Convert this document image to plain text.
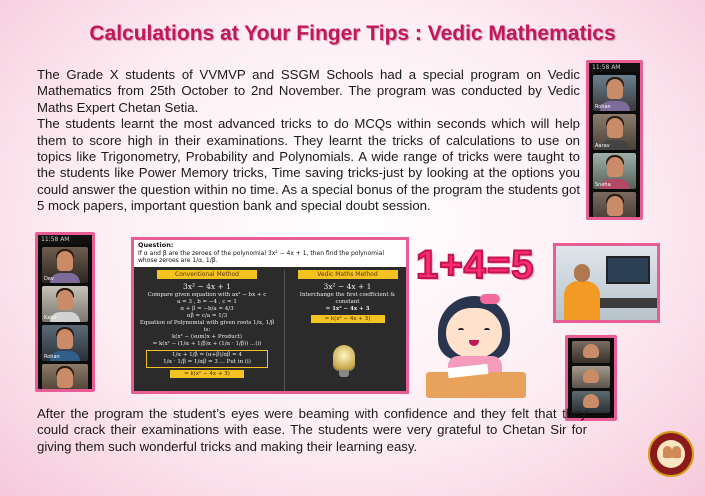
Calculations at Your Finger Tips : Vedic Mathematics
The Grade X students of VVMVP and SSGM Schools had a special program on Vedic Mathematics from 25th October to 2nd November. The program was conducted by Vedic Maths Expert Chetan Setia.
The students learnt the most advanced tricks to do MCQs within seconds which will help them to score high in their examinations. They learnt the tricks of calculations to use on topics like Trigonometry, Probability and Polynomials. A wide range of tricks were taught to the students like Power Memory tricks, Time saving tricks-just by looking at the options you could answer the question within no time. As a special bonus of the program the students got 5 mock papers, important question bank and special doubt session.
11:58 AM
Rohan
Aarav
Sneha
11:58 AM
Dev
Kabir
Rohan
Question:
If α and β are the zeroes of the polynomial 3x² − 4x + 1, then find the polynomial whose zeroes are 1/α, 1/β.
Conventional Method
3x² − 4x + 1
Compare given equation with ax² − bx + c
a = 3 , b = −4 , c = 1
α + β = −b/a = 4/3
αβ = c/a = 1/3
Equation of Polynomial with given roots 1/α, 1/β is:
k(x² − (sum)x + Product)
= k(x² − (1/α + 1/β)x + (1/α · 1/β)) ...(i)
1/α + 1/β = (α+β)/αβ = 4
1/α · 1/β = 1/αβ = 3 ... Put in (i)
= k(x² − 4x + 3)
Vedic Maths Method
3x² − 4x + 1
Interchange the first coefficient & constant
= 1x² − 4x + 3
= k(x² − 4x + 3)
1+4=5
After the program the student’s eyes were beaming with confidence and they felt that they could crack their examinations with ease. The students were very grateful to Chetan Sir for giving them such wonderful tricks and making their learning easy.
